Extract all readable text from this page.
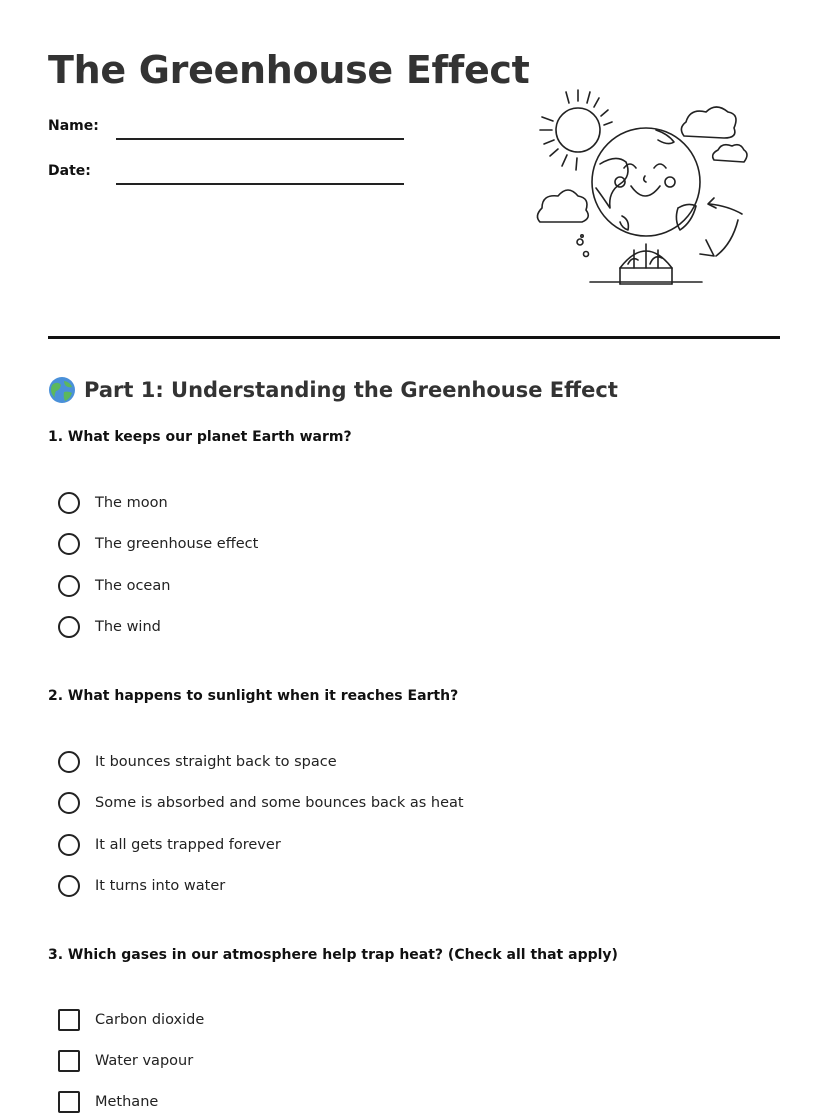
The Greenhouse Effect
Name:
Date:
Part 1: Understanding the Greenhouse Effect
1. What keeps our planet Earth warm?
The moon
The greenhouse effect
The ocean
The wind
2. What happens to sunlight when it reaches Earth?
It bounces straight back to space
Some is absorbed and some bounces back as heat
It all gets trapped forever
It turns into water
3. Which gases in our atmosphere help trap heat? (Check all that apply)
Carbon dioxide
Water vapour
Methane
